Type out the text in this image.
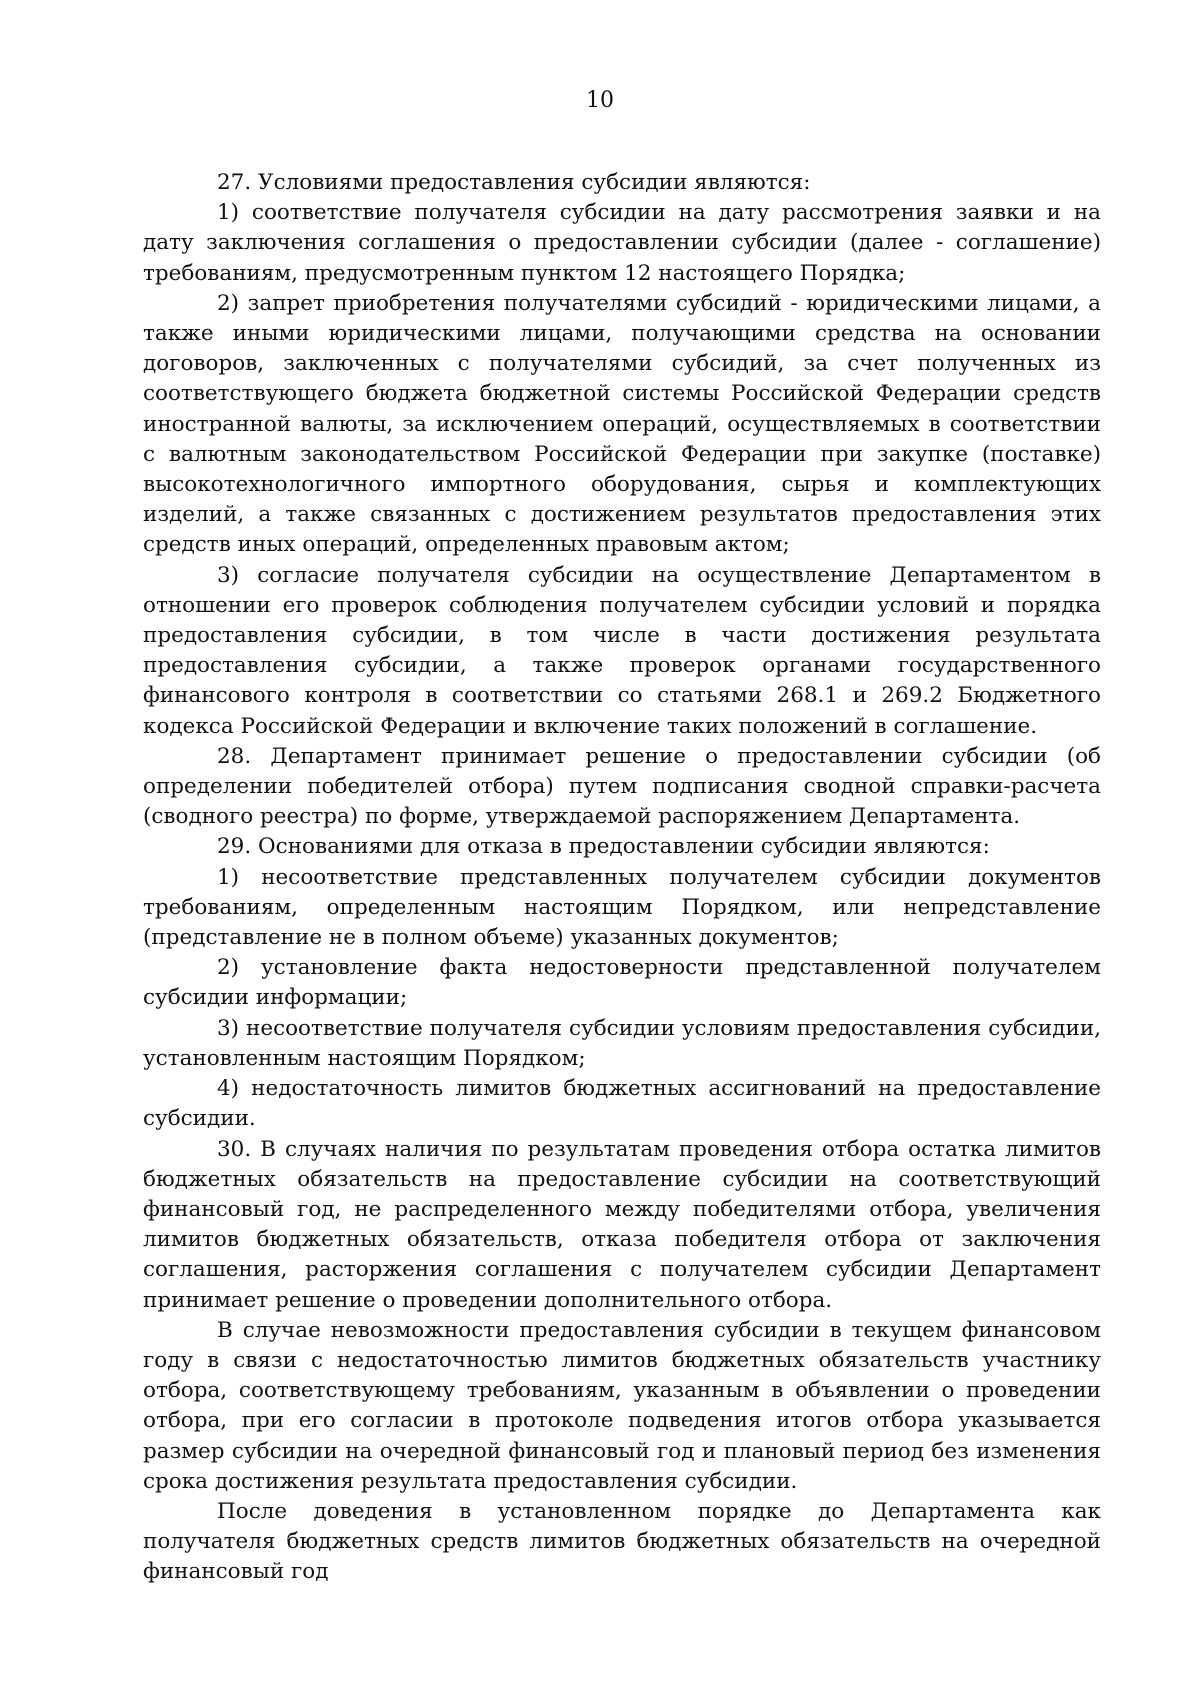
10

27. Условиями предоставления субсидии являются:

1) соответствие получателя субсидии на дату рассмотрения заявки и на дату заключения соглашения о предоставлении субсидии (далее - соглашение) требованиям, предусмотренным пунктом 12 настоящего Порядка;

2) запрет приобретения получателями субсидий - юридическими лицами, а также иными юридическими лицами, получающими средства на основании договоров, заключенных с получателями субсидий, за счет полученных из соответствующего бюджета бюджетной системы Российской Федерации средств иностранной валюты, за исключением операций, осуществляемых в соответствии с валютным законодательством Российской Федерации при закупке (поставке) высокотехнологичного импортного оборудования, сырья и комплектующих изделий, а также связанных с достижением результатов предоставления этих средств иных операций, определенных правовым актом;

3) согласие получателя субсидии на осуществление Департаментом в отношении его проверок соблюдения получателем субсидии условий и порядка предоставления субсидии, в том числе в части достижения результата предоставления субсидии, а также проверок органами государственного финансового контроля в соответствии со статьями 268.1 и 269.2 Бюджетного кодекса Российской Федерации и включение таких положений в соглашение.

28. Департамент принимает решение о предоставлении субсидии (об определении победителей отбора) путем подписания сводной справки-расчета (сводного реестра) по форме, утверждаемой распоряжением Департамента.

29. Основаниями для отказа в предоставлении субсидии являются:

1) несоответствие представленных получателем субсидии документов требованиям, определенным настоящим Порядком, или непредставление (представление не в полном объеме) указанных документов;

2) установление факта недостоверности представленной получателем субсидии информации;

3) несоответствие получателя субсидии условиям предоставления субсидии, установленным настоящим Порядком;

4) недостаточность лимитов бюджетных ассигнований на предоставление субсидии.

30. В случаях наличия по результатам проведения отбора остатка лимитов бюджетных обязательств на предоставление субсидии на соответствующий финансовый год, не распределенного между победителями отбора, увеличения лимитов бюджетных обязательств, отказа победителя отбора от заключения соглашения, расторжения соглашения с получателем субсидии Департамент принимает решение о проведении дополнительного отбора.

В случае невозможности предоставления субсидии в текущем финансовом году в связи с недостаточностью лимитов бюджетных обязательств участнику отбора, соответствующему требованиям, указанным в объявлении о проведении отбора, при его согласии в протоколе подведения итогов отбора указывается размер субсидии на очередной финансовый год и плановый период без изменения срока достижения результата предоставления субсидии.

После доведения в установленном порядке до Департамента как получателя бюджетных средств лимитов бюджетных обязательств на очередной финансовый год
